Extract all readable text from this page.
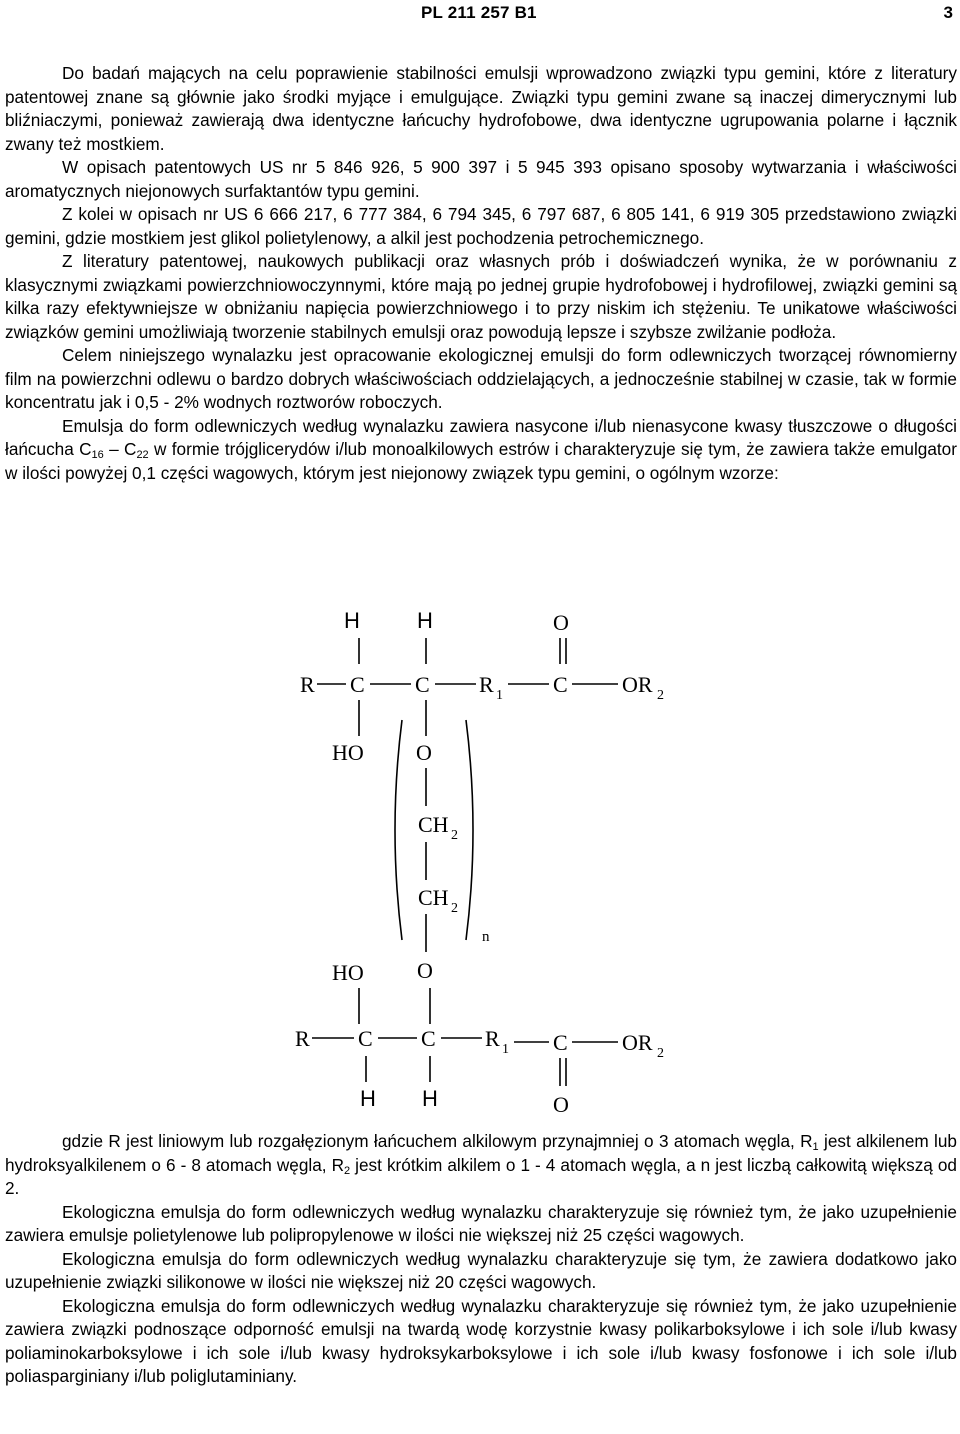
PL 211 257 B1	3

Do badań mających na celu poprawienie stabilności emulsji wprowadzono związki typu gemini, które z literatury patentowej znane są głównie jako środki myjące i emulgujące. Związki typu gemini zwane są inaczej dimerycznymi lub bliźniaczymi, ponieważ zawierają dwa identyczne łańcuchy hydrofobowe, dwa identyczne ugrupowania polarne i łącznik zwany też mostkiem.

W opisach patentowych US nr 5 846 926, 5 900 397 i 5 945 393 opisano sposoby wytwarzania i właściwości aromatycznych niejonowych surfaktantów typu gemini.

Z kolei w opisach nr US 6 666 217, 6 777 384, 6 794 345, 6 797 687, 6 805 141, 6 919 305 przedstawiono związki gemini, gdzie mostkiem jest glikol polietylenowy, a alkil jest pochodzenia petrochemicznego.

Z literatury patentowej, naukowych publikacji oraz własnych prób i doświadczeń wynika, że w porównaniu z klasycznymi związkami powierzchniowoczynnymi, które mają po jednej grupie hydrofobowej i hydrofilowej, związki gemini są kilka razy efektywniejsze w obniżaniu napięcia powierzchniowego i to przy niskim ich stężeniu. Te unikatowe właściwości związków gemini umożliwiają tworzenie stabilnych emulsji oraz powodują lepsze i szybsze zwilżanie podłoża.

Celem niniejszego wynalazku jest opracowanie ekologicznej emulsji do form odlewniczych tworzącej równomierny film na powierzchni odlewu o bardzo dobrych właściwościach oddzielających, a jednocześnie stabilnej w czasie, tak w formie koncentratu jak i 0,5 - 2% wodnych roztworów roboczych.

Emulsja do form odlewniczych według wynalazku zawiera nasycone i/lub nienasycone kwasy tłuszczowe o długości łańcucha $C_{16} - C_{22}$ w formie trójglicerydów i/lub monoalkilowych estrów i charakteryzuje się tym, że zawiera także emulgator w ilości powyżej 0,1 części wagowych, którym jest niejonowy związek typu gemini, o ogólnym wzorze:

H	H	O
R C C R 1 C OR 2
HO O
CH 2
CH 2
n
HO O
R C C R 1 C OR 2
H H	O

gdzie R jest liniowym lub rozgałęzionym łańcuchem alkilowym przynajmniej o 3 atomach węgla, $R_1$ jest alkilenem lub hydroksyalkilenem o 6 - 8 atomach węgla, $R_2$ jest krótkim alkilem o 1 - 4 atomach węgla, a n jest liczbą całkowitą większą od 2.

Ekologiczna emulsja do form odlewniczych według wynalazku charakteryzuje się również tym, że jako uzupełnienie zawiera emulsje polietylenowe lub polipropylenowe w ilości nie większej niż 25 części wagowych.

Ekologiczna emulsja do form odlewniczych według wynalazku charakteryzuje się tym, że zawiera dodatkowo jako uzupełnienie związki silikonowe w ilości nie większej niż 20 części wagowych.

Ekologiczna emulsja do form odlewniczych według wynalazku charakteryzuje się również tym, że jako uzupełnienie zawiera związki podnoszące odporność emulsji na twardą wodę korzystnie kwasy polikarboksylowe i ich sole i/lub kwasy poliaminokarboksylowe i ich sole i/lub kwasy hydroksykarboksylowe i ich sole i/lub kwasy fosfonowe i ich sole i/lub poliasparginiany i/lub poliglutaminiany.
